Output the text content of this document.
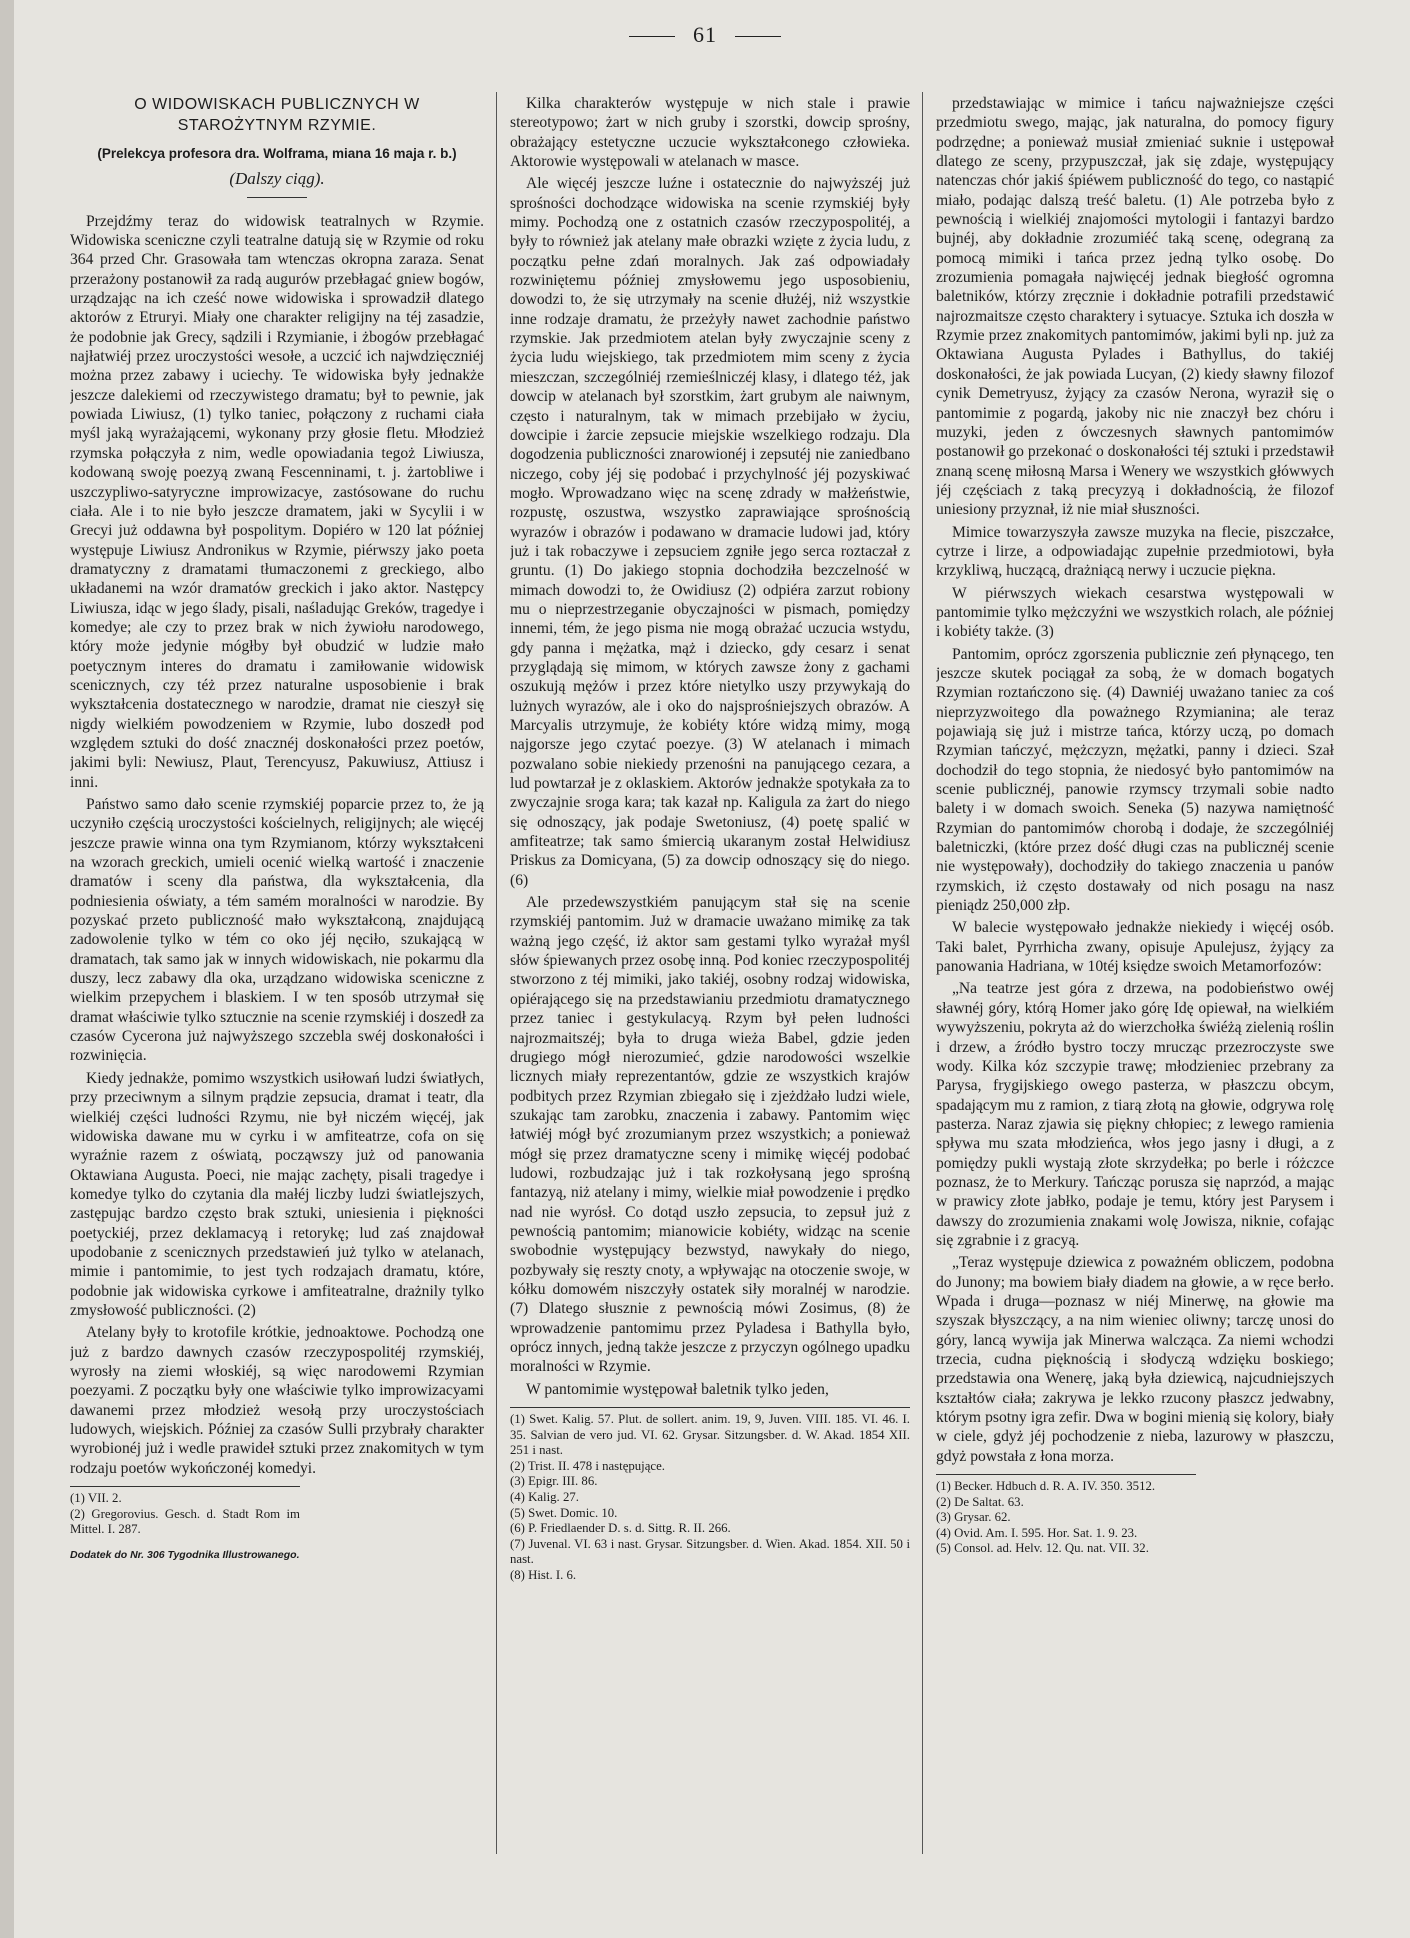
61
O WIDOWISKACH PUBLICZNYCH W STAROŻYTNYM RZYMIE.
(Prelekcya profesora dra. Wolframa, miana 16 maja r. b.)
(Dalszy ciąg).

Przejdźmy teraz do widowisk teatralnych w Rzymie. Widowiska sceniczne czyli teatralne datują się w Rzymie od roku 364 przed Chr. Grasowała tam wtenczas okropna zaraza. Senat przerażony postanowił za radą augurów przebłagać gniew bogów, urządzając na ich cześć nowe widowiska i sprowadził dlatego aktorów z Etruryi. Miały one charakter religijny na téj zasadzie, że podobnie jak Grecy, sądzili i Rzymianie, i żbogów przebłagać najłatwiéj przez uroczystości wesołe, a uczcić ich najwdzięczniéj można przez zabawy i uciechy. Te widowiska były jednakże jeszcze dalekiemi od rzeczywistego dramatu; był to pewnie, jak powiada Liwiusz, (1) tylko taniec, połączony z ruchami ciała myśl jaką wyrażającemi, wykonany przy głosie fletu. Młodzież rzymska połączyła z nim, wedle opowiadania tegoż Liwiusza, kodowaną swoję poezyą zwaną Fescenninami, t. j. żartobliwe i uszczypliwo-satyryczne improwizacye, zastósowane do ruchu ciała. Ale i to nie było jeszcze dramatem, jaki w Sycylii i w Grecyi już oddawna był pospolitym. Dopiéro w 120 lat później występuje Liwiusz Andronikus w Rzymie, piérwszy jako poeta dramatyczny z dramatami tłumaczonemi z greckiego, albo układanemi na wzór dramatów greckich i jako aktor. Następcy Liwiusza, idąc w jego ślady, pisali, naśladując Greków, tragedye i komedye; ale czy to przez brak w nich żywiołu narodowego, który może jedynie mógłby był obudzić w ludzie mało poetycznym interes do dramatu i zamiłowanie widowisk scenicznych, czy téż przez naturalne usposobienie i brak wykształcenia dostatecznego w narodzie, dramat nie cieszył się nigdy wielkiém powodzeniem w Rzymie, lubo doszedł pod względem sztuki do dość znacznéj doskonałości przez poetów, jakimi byli: Newiusz, Plaut, Terencyusz, Pakuwiusz, Attiusz i inni.

Państwo samo dało scenie rzymskiéj poparcie przez to, że ją uczyniło częścią uroczystości kościelnych, religijnych; ale więcéj jeszcze prawie winna ona tym Rzymianom, którzy wykształceni na wzorach greckich, umieli ocenić wielką wartość i znaczenie dramatów i sceny dla państwa, dla wykształcenia, dla podniesienia oświaty, a tém samém moralności w narodzie. By pozyskać przeto publiczność mało wykształconą, znajdującą zadowolenie tylko w tém co oko jéj nęciło, szukającą w dramatach, tak samo jak w innych widowiskach, nie pokarmu dla duszy, lecz zabawy dla oka, urządzano widowiska sceniczne z wielkim przepychem i blaskiem. I w ten sposób utrzymał się dramat właściwie tylko sztucznie na scenie rzymskiéj i doszedł za czasów Cycerona już najwyższego szczebla swéj doskonałości i rozwinięcia.

Kiedy jednakże, pomimo wszystkich usiłowań ludzi światłych, przy przeciwnym a silnym prądzie zepsucia, dramat i teatr, dla wielkiéj części ludności Rzymu, nie był niczém więcéj, jak widowiska dawane mu w cyrku i w amfiteatrze, cofa on się wyraźnie razem z oświatą, począwszy już od panowania Oktawiana Augusta. Poeci, nie mając zachęty, pisali tragedye i komedye tylko do czytania dla małéj liczby ludzi światlejszych, zastępując bardzo często brak sztuki, uniesienia i piękności poetyckiéj, przez deklamacyą i retorykę; lud zaś znajdował upodobanie z scenicznych przedstawień już tylko w atelanach, mimie i pantomimie, to jest tych rodzajach dramatu, które, podobnie jak widowiska cyrkowe i amfiteatralne, drażnily tylko zmysłowość publiczności. (2)

Atelany były to krotofile krótkie, jednoaktowe. Pochodzą one już z bardzo dawnych czasów rzeczypospolitéj rzymskiéj, wyrosły na ziemi włoskiéj, są więc narodowemi Rzymian poezyami. Z początku były one właściwie tylko improwizacyami dawanemi przez młodzież wesołą przy uroczystościach ludowych, wiejskich. Później za czasów Sulli przybrały charakter wyrobionéj już i wedle prawideł sztuki przez znakomitych w tym rodzaju poetów wykończonéj komedyi.

(1) VII. 2.
(2) Gregorovius. Gesch. d. Stadt Rom im Mittel. I. 287.
Dodatek do Nr. 306 Tygodnika Illustrowanego.

Kilka charakterów występuje w nich stale i prawie stereotypowo; żart w nich gruby i szorstki, dowcip sprośny, obrażający estetyczne uczucie wykształconego człowieka. Aktorowie występowali w atelanach w masce.

Ale więcéj jeszcze luźne i ostatecznie do najwyższéj już sprośności dochodzące widowiska na scenie rzymskiéj były mimy. Pochodzą one z ostatnich czasów rzeczypospolitéj, a były to również jak atelany małe obrazki wzięte z życia ludu, z początku pełne zdań moralnych. Jak zaś odpowiadały rozwiniętemu później zmysłowemu jego usposobieniu, dowodzi to, że się utrzymały na scenie dłużéj, niż wszystkie inne rodzaje dramatu, że przeżyły nawet zachodnie państwo rzymskie. Jak przedmiotem atelan były zwyczajnie sceny z życia ludu wiejskiego, tak przedmiotem mim sceny z życia mieszczan, szczególniéj rzemieślniczéj klasy, i dlatego téż, jak dowcip w atelanach był szorstkim, żart grubym ale naiwnym, często i naturalnym, tak w mimach przebijało w życiu, dowcipie i żarcie zepsucie miejskie wszelkiego rodzaju. Dla dogodzenia publiczności znarowionéj i zepsutéj nie zaniedbano niczego, coby jéj się podobać i przychylność jéj pozyskiwać mogło. Wprowadzano więc na scenę zdrady w małżeństwie, rozpustę, oszustwa, wszystko zaprawiające sprośnością wyrazów i obrazów i podawano w dramacie ludowi jad, który już i tak robaczywe i zepsuciem zgniłe jego serca roztaczał z gruntu. (1) Do jakiego stopnia dochodziła bezczelność w mimach dowodzi to, że Owidiusz (2) odpiéra zarzut robiony mu o nieprzestrzeganie obyczajności w pismach, pomiędzy innemi, tém, że jego pisma nie mogą obrażać uczucia wstydu, gdy panna i mężatka, mąż i dziecko, gdy cesarz i senat przyglądają się mimom, w których zawsze żony z gachami oszukują mężów i przez które nietylko uszy przywykają do lużnych wyrazów, ale i oko do najsprośniejszych obrazów. A Marcyalis utrzymuje, że kobiéty które widzą mimy, mogą najgorsze jego czytać poezye. (3) W atelanach i mimach pozwalano sobie niekiedy przenośni na panującego cezara, a lud powtarzał je z oklaskiem. Aktorów jednakże spotykała za to zwyczajnie sroga kara; tak kazał np. Kaligula za żart do niego się odnoszący, jak podaje Swetoniusz, (4) poetę spalić w amfiteatrze; tak samo śmiercią ukaranym został Helwidiusz Priskus za Domicyana, (5) za dowcip odnoszący się do niego. (6)

Ale przedewszystkiém panującym stał się na scenie rzymskiéj pantomim. Już w dramacie uważano mimikę za tak ważną jego część, iż aktor sam gestami tylko wyrażał myśl słów śpiewanych przez osobę inną. Pod koniec rzeczypospolitéj stworzono z téj mimiki, jako takiéj, osobny rodzaj widowiska, opiérającego się na przedstawianiu przedmiotu dramatycznego przez taniec i gestykulacyą. Rzym był pełen ludności najrozmaitszéj; była to druga wieża Babel, gdzie jeden drugiego mógł nierozumieć, gdzie narodowości wszelkie licznych miały reprezentantów, gdzie ze wszystkich krajów podbitych przez Rzymian zbiegało się i zjeżdżało ludzi wiele, szukając tam zarobku, znaczenia i zabawy. Pantomim więc łatwiéj mógł być zrozumianym przez wszystkich; a ponieważ mógł się przez dramatyczne sceny i mimikę więcéj podobać ludowi, rozbudzając już i tak rozkołysaną jego sprośną fantazyą, niż atelany i mimy, wielkie miał powodzenie i prędko nad nie wyrósł. Co dotąd uszło zepsucia, to zepsuł już z pewnością pantomim; mianowicie kobiéty, widząc na scenie swobodnie występujący bezwstyd, nawykały do niego, pozbywały się reszty cnoty, a wpływając na otoczenie swoje, w kółku domowém niszczyły ostatek siły moralnéj w narodzie. (7) Dlatego słusznie z pewnością mówi Zosimus, (8) że wprowadzenie pantomimu przez Pyladesa i Bathylla było, oprócz innych, jedną także jeszcze z przyczyn ogólnego upadku moralności w Rzymie.

W pantomimie występował baletnik tylko jeden,

(1) Swet. Kalig. 57. Plut. de sollert. anim. 19, 9, Juven. VIII. 185. VI. 46. I. 35. Salvian de vero jud. VI. 62. Grysar. Sitzungsber. d. W. Akad. 1854 XII. 251 i nast.
(2) Trist. II. 478 i następujące.
(3) Epigr. III. 86.
(4) Kalig. 27.
(5) Swet. Domic. 10.
(6) P. Friedlaender D. s. d. Sittg. R. II. 266.
(7) Juvenal. VI. 63 i nast. Grysar. Sitzungsber. d. Wien. Akad. 1854. XII. 50 i nast.
(8) Hist. I. 6.

przedstawiając w mimice i tańcu najważniejsze części przedmiotu swego, mając, jak naturalna, do pomocy figury podrzędne; a ponieważ musiał zmieniać suknie i ustępował dlatego ze sceny, przypuszczał, jak się zdaje, występujący natenczas chór jakiś śpiéwem publiczność do tego, co nastąpić miało, podając dalszą treść baletu. (1) Ale potrzeba było z pewnością i wielkiéj znajomości mytologii i fantazyi bardzo bujnéj, aby dokładnie zrozumiéć taką scenę, odegraną za pomocą mimiki i tańca przez jedną tylko osobę. Do zrozumienia pomagała najwięcéj jednak biegłość ogromna baletników, którzy zręcznie i dokładnie potrafili przedstawić najrozmaitsze często charaktery i sytuacye. Sztuka ich doszła w Rzymie przez znakomitych pantomimów, jakimi byli np. już za Oktawiana Augusta Pylades i Bathyllus, do takiéj doskonałości, że jak powiada Lucyan, (2) kiedy sławny filozof cynik Demetryusz, żyjący za czasów Nerona, wyraził się o pantomimie z pogardą, jakoby nic nie znaczył bez chóru i muzyki, jeden z ówczesnych sławnych pantomimów postanowił go przekonać o doskonałości téj sztuki i przedstawił znaną scenę miłosną Marsa i Wenery we wszystkich główwych jéj częściach z taką precyzyą i dokładnością, że filozof uniesiony przyznał, iż nie miał słuszności.

Mimice towarzyszyła zawsze muzyka na flecie, piszczałce, cytrze i lirze, a odpowiadając zupełnie przedmiotowi, była krzykliwą, huczącą, drażniącą nerwy i uczucie piękna.

W piérwszych wiekach cesarstwa występowali w pantomimie tylko mężczyźni we wszystkich rolach, ale później i kobiéty także. (3)

Pantomim, oprócz zgorszenia publicznie zeń płynącego, ten jeszcze skutek pociągał za sobą, że w domach bogatych Rzymian roztańczono się. (4) Dawniéj uważano taniec za coś nieprzyzwoitego dla poważnego Rzymianina; ale teraz pojawiają się już i mistrze tańca, którzy uczą, po domach Rzymian tańczyć, mężczyzn, mężatki, panny i dzieci. Szał dochodził do tego stopnia, że niedosyć było pantomimów na scenie publicznéj, panowie rzymscy trzymali sobie nadto balety i w domach swoich. Seneka (5) nazywa namiętność Rzymian do pantomimów chorobą i dodaje, że szczególniéj baletniczki, (które przez dość długi czas na publicznéj scenie nie występowały), dochodziły do takiego znaczenia u panów rzymskich, iż często dostawały od nich posagu na nasz pieniądz 250,000 złp.

W balecie występowało jednakże niekiedy i więcéj osób. Taki balet, Pyrrhicha zwany, opisuje Apulejusz, żyjący za panowania Hadriana, w 10téj księdze swoich Metamorfozów:

„Na teatrze jest góra z drzewa, na podobieństwo owéj sławnéj góry, którą Homer jako górę Idę opiewał, na wielkiém wywyższeniu, pokryta aż do wierzchołka świéżą zielenią roślin i drzew, a źródło bystro toczy mrucząc przezroczyste swe wody. Kilka kóz szczypie trawę; młodzieniec przebrany za Parysa, frygijskiego owego pasterza, w płaszczu obcym, spadającym mu z ramion, z tiarą złotą na głowie, odgrywa rolę pasterza. Naraz zjawia się piękny chłopiec; z lewego ramienia spływa mu szata młodzieńca, włos jego jasny i długi, a z pomiędzy pukli wystają złote skrzydełka; po berle i różczce poznasz, że to Merkury. Tańcząc porusza się naprzód, a mając w prawicy złote jabłko, podaje je temu, który jest Parysem i dawszy do zrozumienia znakami wolę Jowisza, niknie, cofając się zgrabnie i z gracyą.

„Teraz występuje dziewica z poważném obliczem, podobna do Junony; ma bowiem biały diadem na głowie, a w ręce berło. Wpada i druga—poznasz w niéj Minerwę, na głowie ma szyszak błyszczący, a na nim wieniec oliwny; tarczę unosi do góry, lancą wywija jak Minerwa walcząca. Za niemi wchodzi trzecia, cudna pięknością i słodyczą wdzięku boskiego; przedstawia ona Wenerę, jaką była dziewicą, najcudniejszych kształtów ciała; zakrywa je lekko rzucony płaszcz jedwabny, którym psotny igra zefir. Dwa w bogini mienią się kolory, biały w ciele, gdyż jéj pochodzenie z nieba, lazurowy w płaszczu, gdyż powstała z łona morza.

(1) Becker. Hdbuch d. R. A. IV. 350. 3512.
(2) De Saltat. 63.
(3) Grysar. 62.
(4) Ovid. Am. I. 595. Hor. Sat. 1. 9. 23.
(5) Consol. ad. Helv. 12. Qu. nat. VII. 32.
